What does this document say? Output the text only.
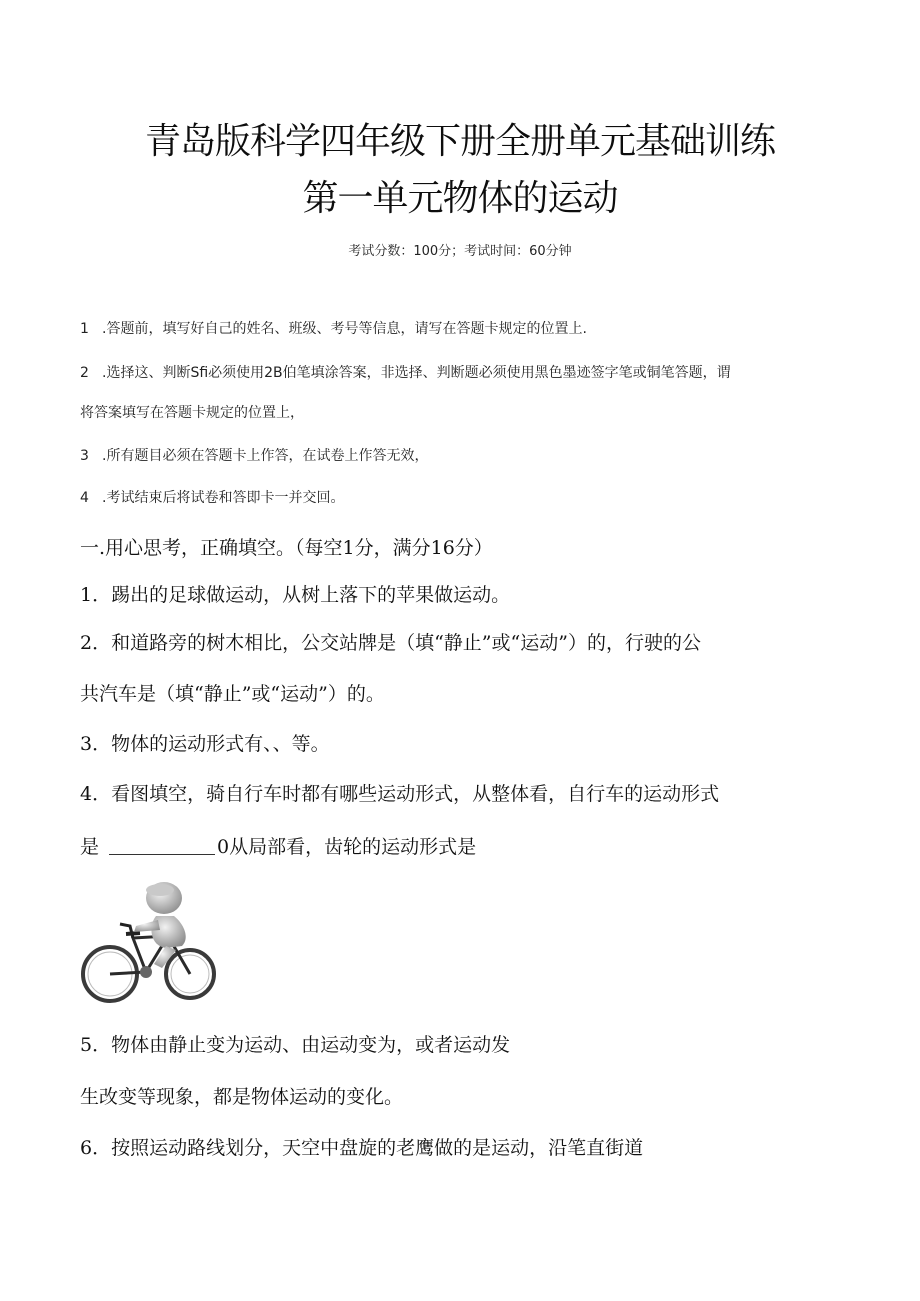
青岛版科学四年级下册全册单元基础训练
第一单元物体的运动
考试分数：100分；考试时间：60分钟
1 .答题前，填写好自己的姓名、班级、考号等信息，请写在答题卡规定的位置上.
2 .选择这、判断Sfi必须使用2B伯笔填涂答案，非选择、判断题必须使用黑色墨迹签字笔或铜笔答题，谓
将答案填写在答题卡规定的位置上，
3 .所有题目必须在答题卡上作答，在试卷上作答无效，
4 .考试结束后将试卷和答即卡一并交回。
一.用心思考，正确填空。（每空1分，满分16分）
1．踢出的足球做运动，从树上落下的苹果做运动。
2．和道路旁的树木相比，公交站牌是（填“静止”或“运动”）的，行驶的公
共汽车是（填“静止”或“运动”）的。
3．物体的运动形式有、、等。
4．看图填空，骑自行车时都有哪些运动形式，从整体看，自行车的运动形式
是	0从局部看，齿轮的运动形式是
5．物体由静止变为运动、由运动变为，或者运动发
生改变等现象，都是物体运动的变化。
6．按照运动路线划分，天空中盘旋的老鹰做的是运动，沿笔直街道
